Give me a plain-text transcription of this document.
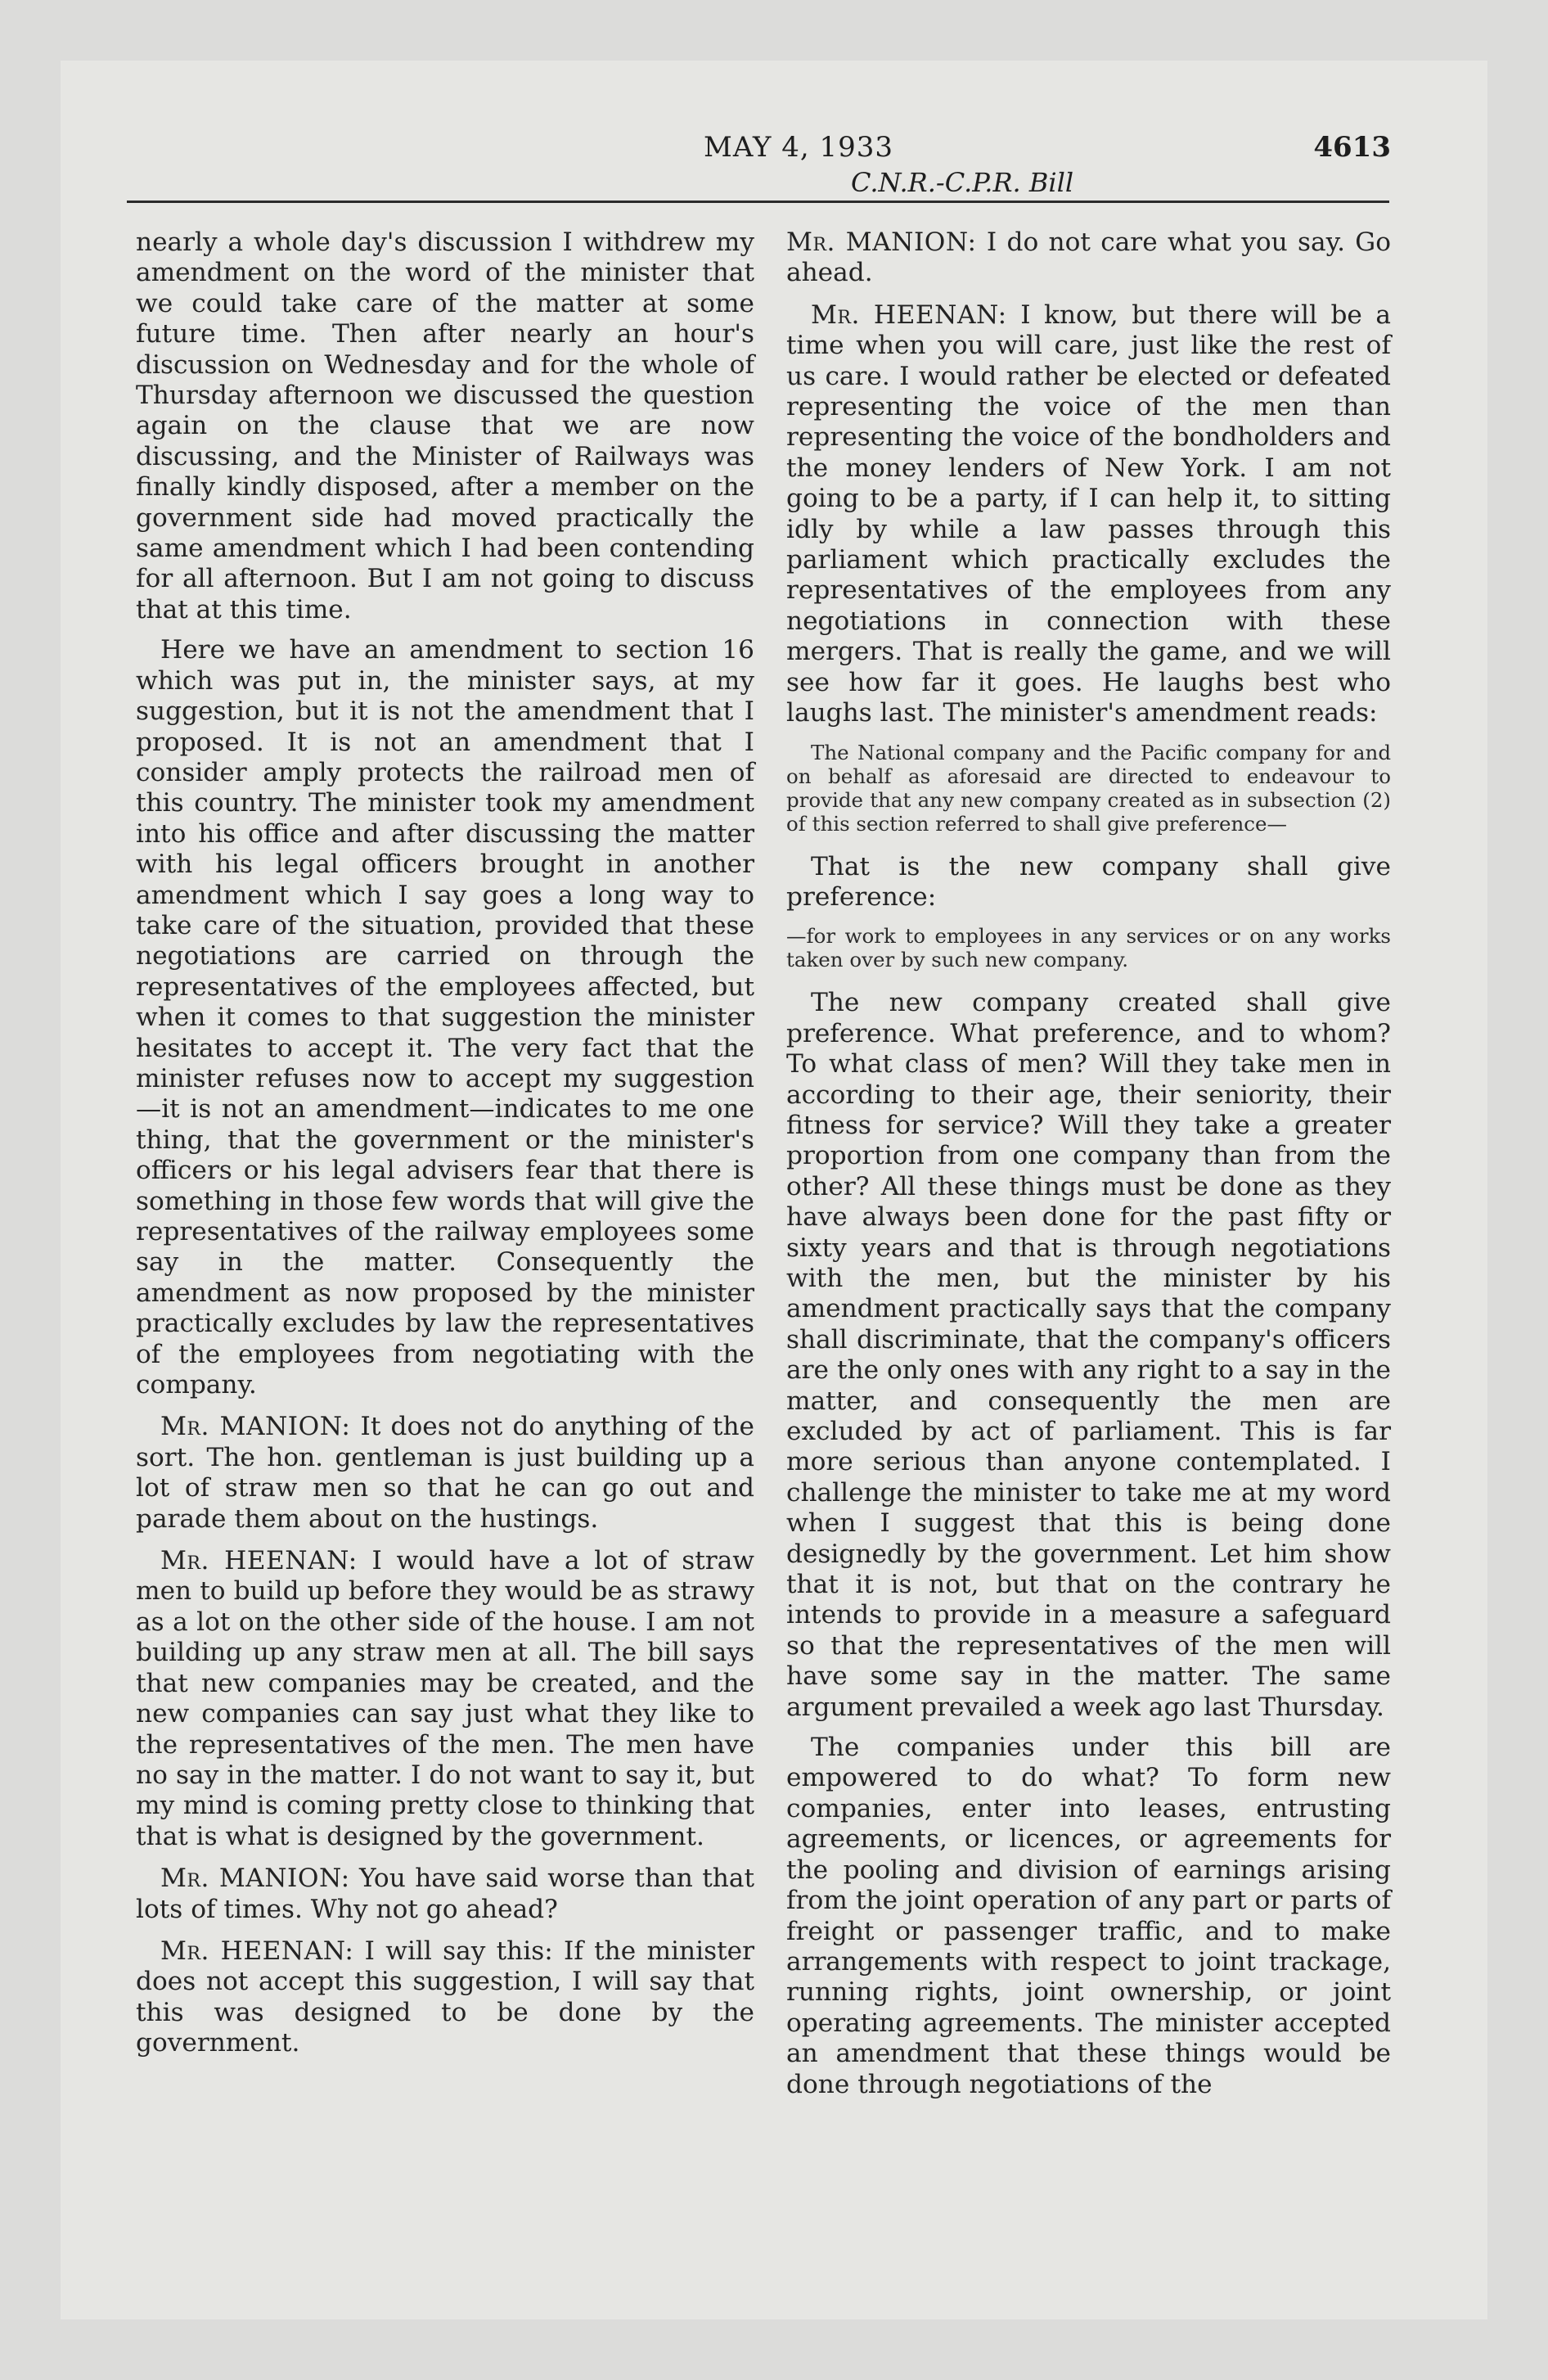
MAY 4, 1933
C.N.R.-C.P.R. Bill
4613

nearly a whole day's discussion I withdrew my amendment on the word of the minister that we could take care of the matter at some future time. Then after nearly an hour's discussion on Wednesday and for the whole of Thursday afternoon we discussed the question again on the clause that we are now discussing, and the Minister of Railways was finally kindly disposed, after a member on the government side had moved practically the same amendment which I had been contending for all afternoon. But I am not going to discuss that at this time.

Here we have an amendment to section 16 which was put in, the minister says, at my suggestion, but it is not the amendment that I proposed. It is not an amendment that I consider amply protects the railroad men of this country. The minister took my amendment into his office and after discussing the matter with his legal officers brought in another amendment which I say goes a long way to take care of the situation, provided that these negotiations are carried on through the representatives of the employees affected, but when it comes to that suggestion the minister hesitates to accept it. The very fact that the minister refuses now to accept my suggestion —it is not an amendment—indicates to me one thing, that the government or the minister's officers or his legal advisers fear that there is something in those few words that will give the representatives of the railway employees some say in the matter. Consequently the amendment as now proposed by the minister practically excludes by law the representatives of the employees from negotiating with the company.

Mr. MANION: It does not do anything of the sort. The hon. gentleman is just building up a lot of straw men so that he can go out and parade them about on the hustings.

Mr. HEENAN: I would have a lot of straw men to build up before they would be as strawy as a lot on the other side of the house. I am not building up any straw men at all. The bill says that new companies may be created, and the new companies can say just what they like to the representatives of the men. The men have no say in the matter. I do not want to say it, but my mind is coming pretty close to thinking that that is what is designed by the government.

Mr. MANION: You have said worse than that lots of times. Why not go ahead?

Mr. HEENAN: I will say this: If the minister does not accept this suggestion, I will say that this was designed to be done by the government.

Mr. MANION: I do not care what you say. Go ahead.

Mr. HEENAN: I know, but there will be a time when you will care, just like the rest of us care. I would rather be elected or defeated representing the voice of the men than representing the voice of the bondholders and the money lenders of New York. I am not going to be a party, if I can help it, to sitting idly by while a law passes through this parliament which practically excludes the representatives of the employees from any negotiations in connection with these mergers. That is really the game, and we will see how far it goes. He laughs best who laughs last. The minister's amendment reads:

The National company and the Pacific company for and on behalf as aforesaid are directed to endeavour to provide that any new company created as in subsection (2) of this section referred to shall give preference—

That is the new company shall give preference:

—for work to employees in any services or on any works taken over by such new company.

The new company created shall give preference. What preference, and to whom? To what class of men? Will they take men in according to their age, their seniority, their fitness for service? Will they take a greater proportion from one company than from the other? All these things must be done as they have always been done for the past fifty or sixty years and that is through negotiations with the men, but the minister by his amendment practically says that the company shall discriminate, that the company's officers are the only ones with any right to a say in the matter, and consequently the men are excluded by act of parliament. This is far more serious than anyone contemplated. I challenge the minister to take me at my word when I suggest that this is being done designedly by the government. Let him show that it is not, but that on the contrary he intends to provide in a measure a safeguard so that the representatives of the men will have some say in the matter. The same argument prevailed a week ago last Thursday.

The companies under this bill are empowered to do what? To form new companies, enter into leases, entrusting agreements, or licences, or agreements for the pooling and division of earnings arising from the joint operation of any part or parts of freight or passenger traffic, and to make arrangements with respect to joint trackage, running rights, joint ownership, or joint operating agreements. The minister accepted an amendment that these things would be done through negotiations of the
